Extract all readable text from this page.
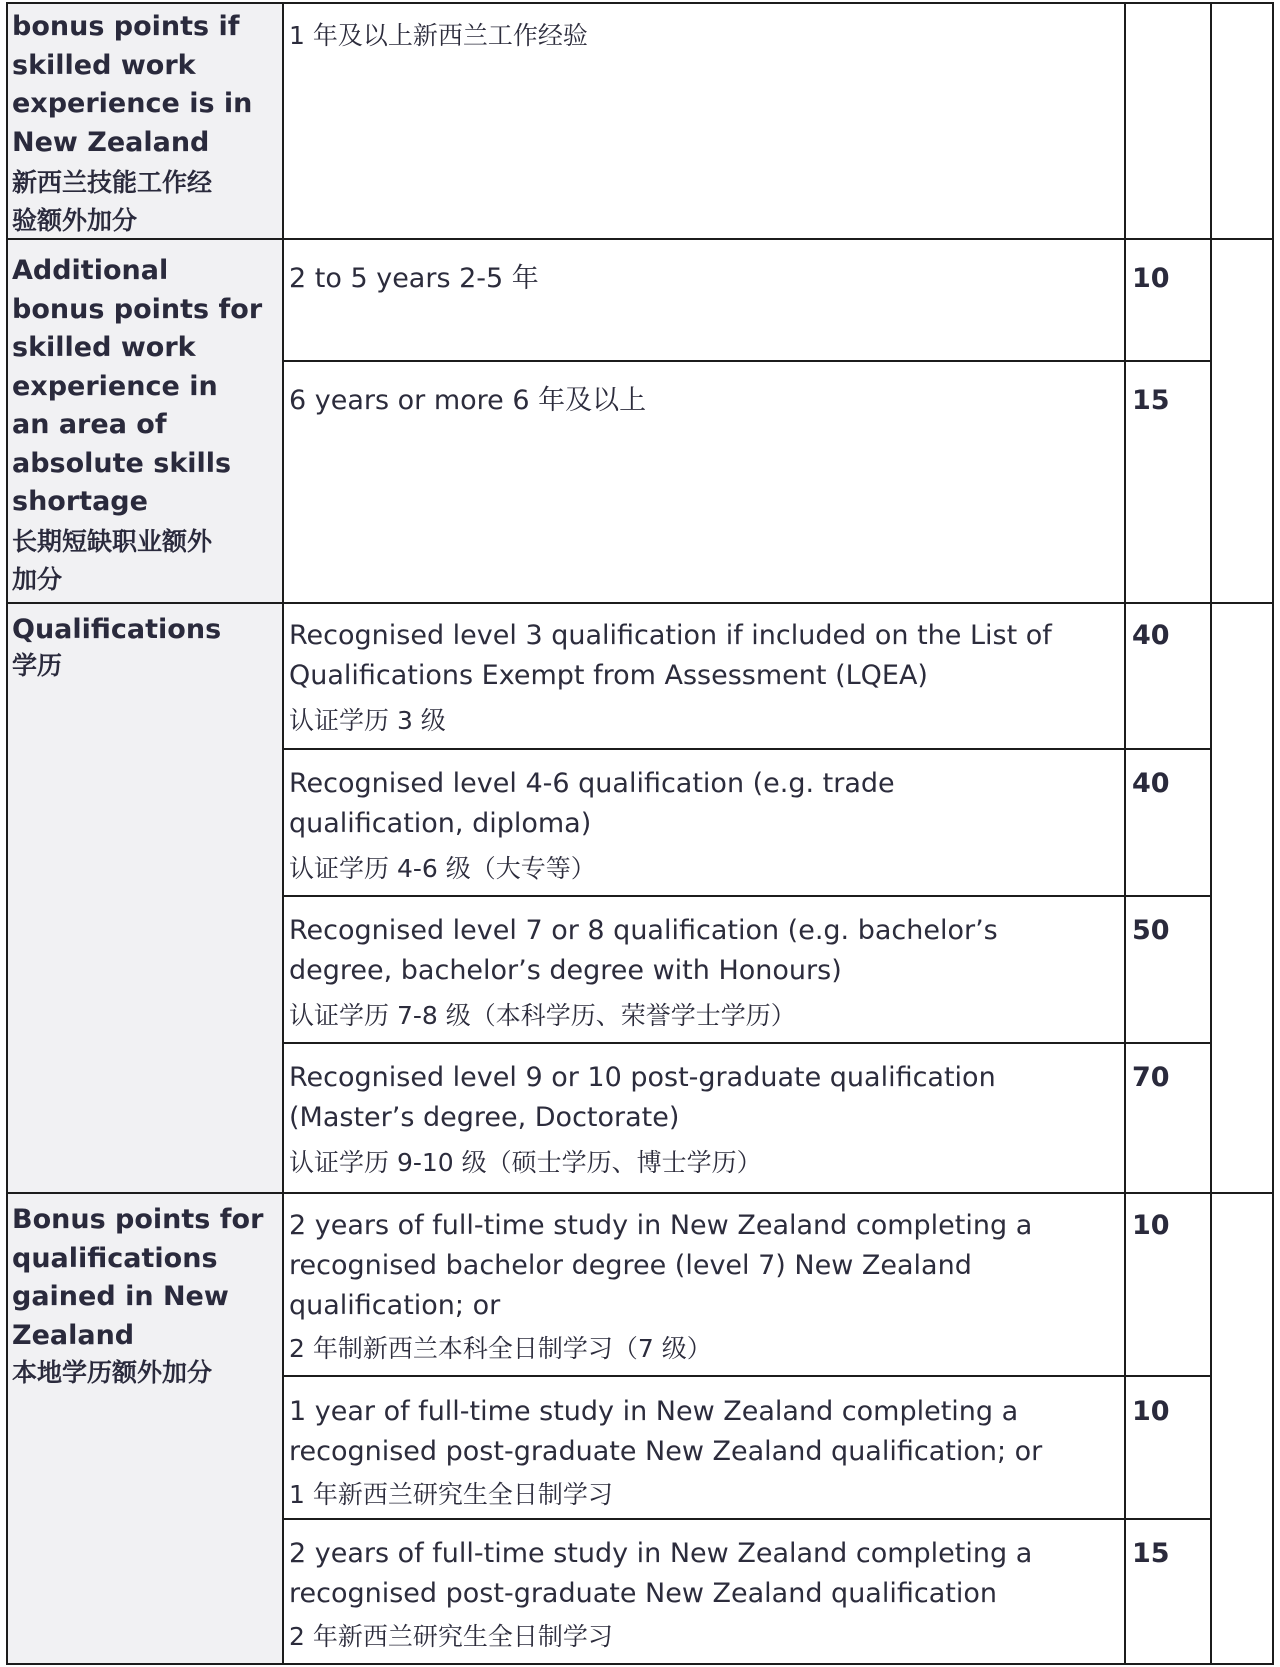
bonus points if
skilled work
experience is in
New Zealand
新西兰技能工作经
验额外加分
1 年及以上新西兰工作经验
Additional
bonus points for
skilled work
experience in
an area of
absolute skills
shortage
长期短缺职业额外
加分
2 to 5 years 2-5 年	10
6 years or more 6 年及以上	15
Qualifications
学历
Recognised level 3 qualification if included on the List of
Qualifications Exempt from Assessment (LQEA)
认证学历 3 级
40
Recognised level 4-6 qualification (e.g. trade
qualification, diploma)
认证学历 4-6 级（大专等）
40
Recognised level 7 or 8 qualification (e.g. bachelor’s
degree, bachelor’s degree with Honours)
认证学历 7-8 级（本科学历、荣誉学士学历）
50
Recognised level 9 or 10 post-graduate qualification
(Master’s degree, Doctorate)
认证学历 9-10 级（硕士学历、博士学历）
70
Bonus points for
qualifications
gained in New
Zealand
本地学历额外加分
2 years of full-time study in New Zealand completing a
recognised bachelor degree (level 7) New Zealand
qualification; or
2 年制新西兰本科全日制学习（7 级）
10
1 year of full-time study in New Zealand completing a
recognised post-graduate New Zealand qualification; or
1 年新西兰研究生全日制学习
10
2 years of full-time study in New Zealand completing a
recognised post-graduate New Zealand qualification
2 年新西兰研究生全日制学习
15
